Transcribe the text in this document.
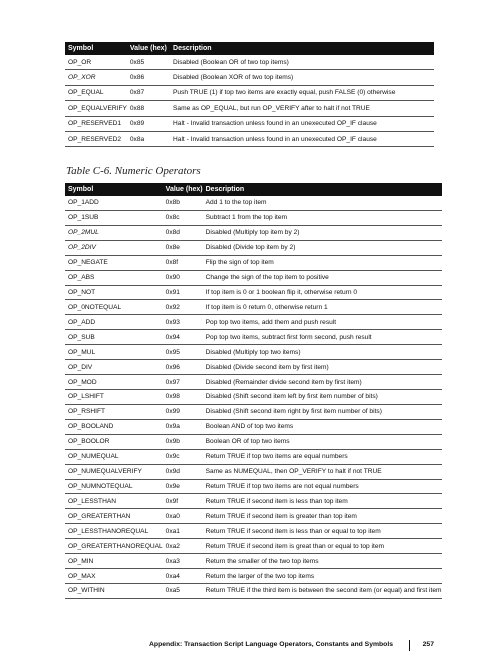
Symbol	Value (hex)	Description
OP_OR	0x85	Disabled (Boolean OR of two top items)
OP_XOR	0x86	Disabled (Boolean XOR of two top items)
OP_EQUAL	0x87	Push TRUE (1) if top two items are exactly equal, push FALSE (0) otherwise
OP_EQUALVERIFY	0x88	Same as OP_EQUAL, but run OP_VERIFY after to halt if not TRUE
OP_RESERVED1	0x89	Halt - Invalid transaction unless found in an unexecuted OP_IF clause
OP_RESERVED2	0x8a	Halt - Invalid transaction unless found in an unexecuted OP_IF clause
Table C-6. Numeric Operators
Symbol	Value (hex)	Description
OP_1ADD	0x8b	Add 1 to the top item
OP_1SUB	0x8c	Subtract 1 from the top item
OP_2MUL	0x8d	Disabled (Multiply top item by 2)
OP_2DIV	0x8e	Disabled (Divide top item by 2)
OP_NEGATE	0x8f	Flip the sign of top item
OP_ABS	0x90	Change the sign of the top item to positive
OP_NOT	0x91	If top item is 0 or 1 boolean flip it, otherwise return 0
OP_0NOTEQUAL	0x92	If top item is 0 return 0, otherwise return 1
OP_ADD	0x93	Pop top two items, add them and push result
OP_SUB	0x94	Pop top two items, subtract first form second, push result
OP_MUL	0x95	Disabled (Multiply top two items)
OP_DIV	0x96	Disabled (Divide second item by first item)
OP_MOD	0x97	Disabled (Remainder divide second item by first item)
OP_LSHIFT	0x98	Disabled (Shift second item left by first item number of bits)
OP_RSHIFT	0x99	Disabled (Shift second item right by first item number of bits)
OP_BOOLAND	0x9a	Boolean AND of top two items
OP_BOOLOR	0x9b	Boolean OR of top two items
OP_NUMEQUAL	0x9c	Return TRUE if top two items are equal numbers
OP_NUMEQUALVERIFY	0x9d	Same as NUMEQUAL, then OP_VERIFY to halt if not TRUE
OP_NUMNOTEQUAL	0x9e	Return TRUE if top two items are not equal numbers
OP_LESSTHAN	0x9f	Return TRUE if second item is less than top item
OP_GREATERTHAN	0xa0	Return TRUE if second item is greater than top item
OP_LESSTHANOREQUAL	0xa1	Return TRUE if second item is less than or equal to top item
OP_GREATERTHANOREQUAL	0xa2	Return TRUE if second item is great than or equal to top item
OP_MIN	0xa3	Return the smaller of the two top items
OP_MAX	0xa4	Return the larger of the two top items
OP_WITHIN	0xa5	Return TRUE if the third item is between the second item (or equal) and first item
Appendix: Transaction Script Language Operators, Constants and Symbols	257
